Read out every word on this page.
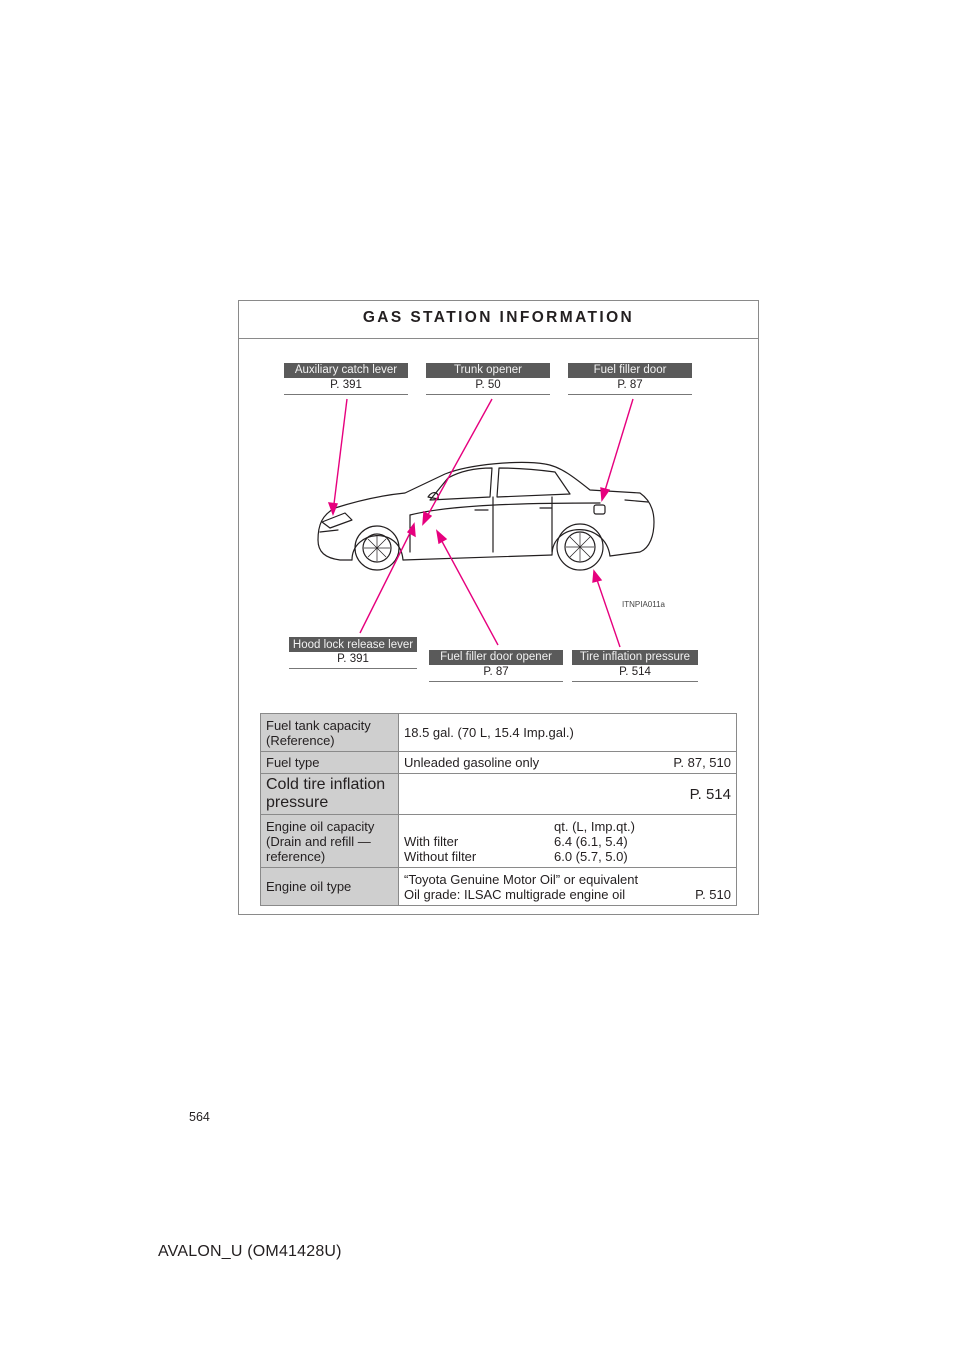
GAS STATION INFORMATION
Auxiliary catch lever
P. 391
Trunk opener
P. 50
Fuel filler door
P. 87
Hood lock release lever
P. 391	Fuel filler door opener
P. 87
Tire inflation pressure
P. 514
ITNPIA011a
Fuel tank capacity (Reference)	18.5 gal. (70 L, 15.4 Imp.gal.)
Fuel type	Unleaded gasoline only P. 87, 510

Cold tire inflation pressure	P. 514

Engine oil capacity (Drain and refill — reference)	qt. (L, Imp.qt.)
With filter 6.4 (6.1, 5.4)
Without filter 6.0 (5.7, 5.0)

Engine oil type	“Toyota Genuine Motor Oil” or equivalent
Oil grade: ILSAC multigrade engine oil P. 510
564
AVALON_U (OM41428U)
